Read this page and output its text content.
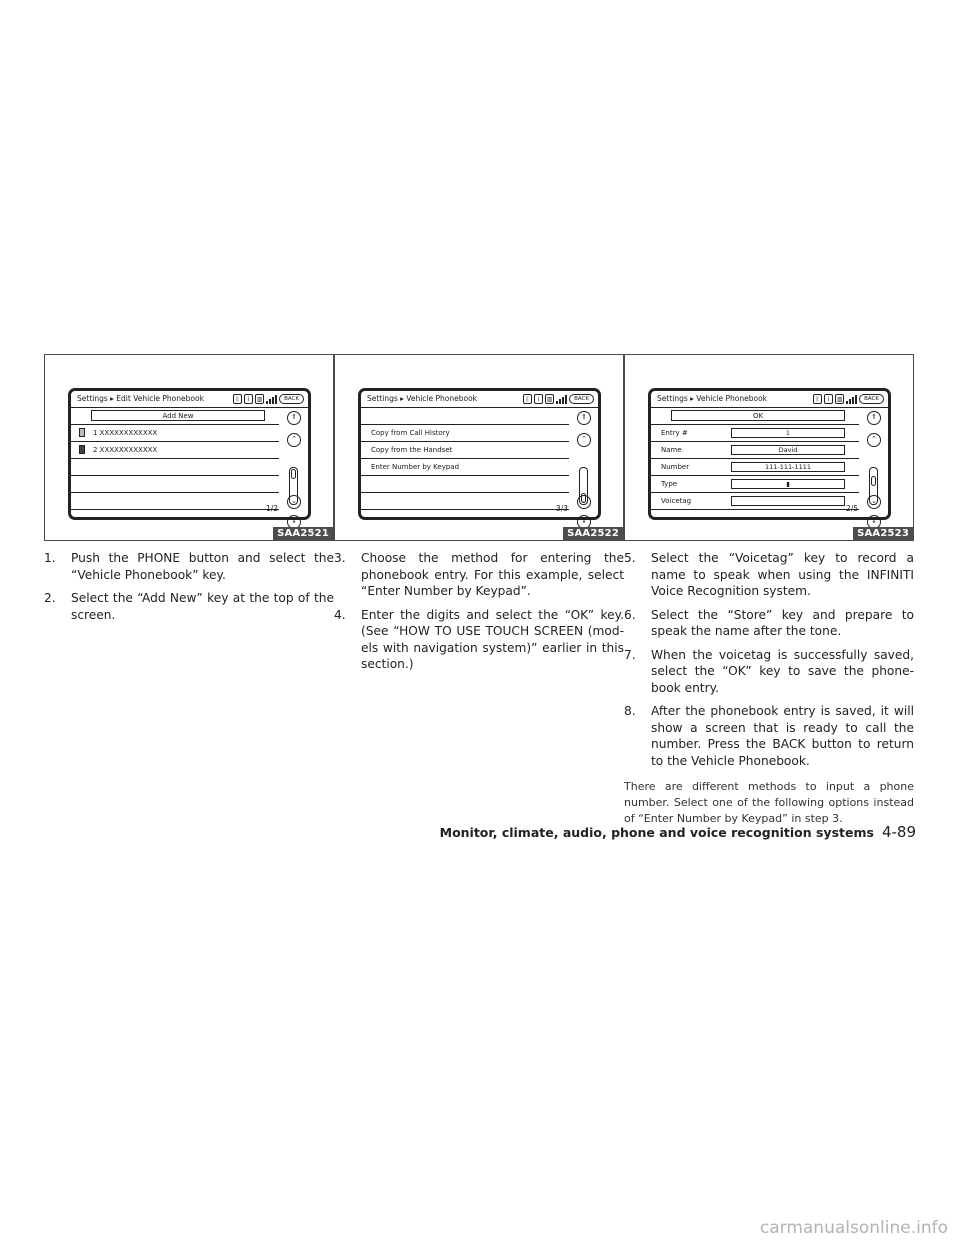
Settings ▸ Edit Vehicle Phonebook	ᛒ	i	▥	BACK
Add New
1 XXXXXXXXXXXX
2 XXXXXXXXXXXX
⇑
⌃
⌄
⇓
1/2
SAA2521
1. Push the PHONE button and select the “Vehicle Phonebook” key.
2. Select the “Add New” key at the top of the screen.
Settings ▸ Vehicle Phonebook	ᛒ	i	▥	BACK
Copy from Call History
Copy from the Handset
Enter Number by Keypad
⇑
⌃
⌄
⇓
3/3
SAA2522
3. Choose the method for entering the phonebook entry. For this example, select “Enter Number by Keypad”.
4. Enter the digits and select the “OK” key. (See “HOW TO USE TOUCH SCREEN (mod-els with navigation system)” earlier in this section.)
Settings ▸ Vehicle Phonebook	ᛒ	i	▥	BACK
OK
Entry #	1
Name	David
Number	111-111-1111
Type	▮
Voicetag
⇑
⌃
⌄
⇓
2/5
SAA2523
5. Select the “Voicetag” key to record a name to speak when using the INFINITI Voice Recognition system.
6. Select the “Store” key and prepare to speak the name after the tone.
7. When the voicetag is successfully saved, select the “OK” key to save the phone-book entry.
8. After the phonebook entry is saved, it will show a screen that is ready to call the number. Press the BACK button to return to the Vehicle Phonebook.
There are different methods to input a phone number. Select one of the following options instead of “Enter Number by Keypad” in step 3.
Monitor, climate, audio, phone and voice recognition systems 4-89
carmanualsonline.info
